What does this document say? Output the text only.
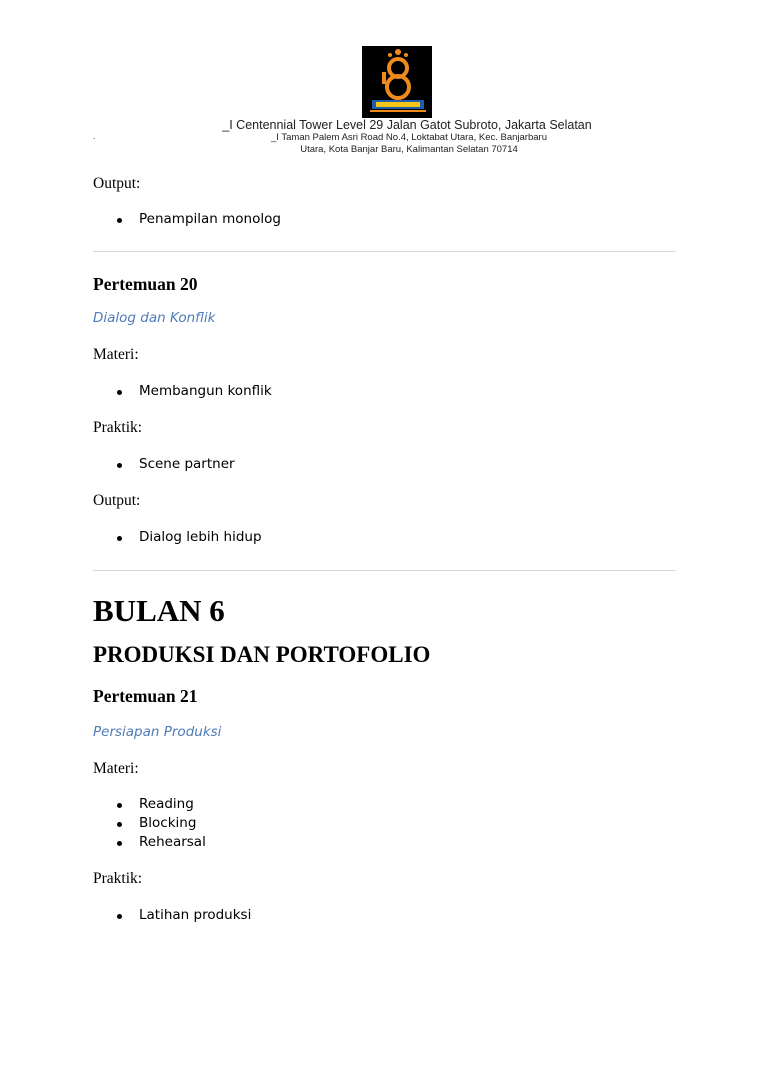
_I Centennial Tower Level 29 Jalan Gatot Subroto, Jakarta Selatan
.	_I Taman Palem Asri Road No.4, Loktabat Utara, Kec. Banjarbaru
Utara, Kota Banjar Baru, Kalimantan Selatan 70714

Output:

Penampilan monolog
Pertemuan 20

Dialog dan Konflik

Materi:

Membangun konflik

Praktik:

Scene partner

Output:

Dialog lebih hidup
BULAN 6
PRODUKSI DAN PORTOFOLIO
Pertemuan 21

Persiapan Produksi

Materi:

Reading
Blocking
Rehearsal

Praktik:

Latihan produksi
